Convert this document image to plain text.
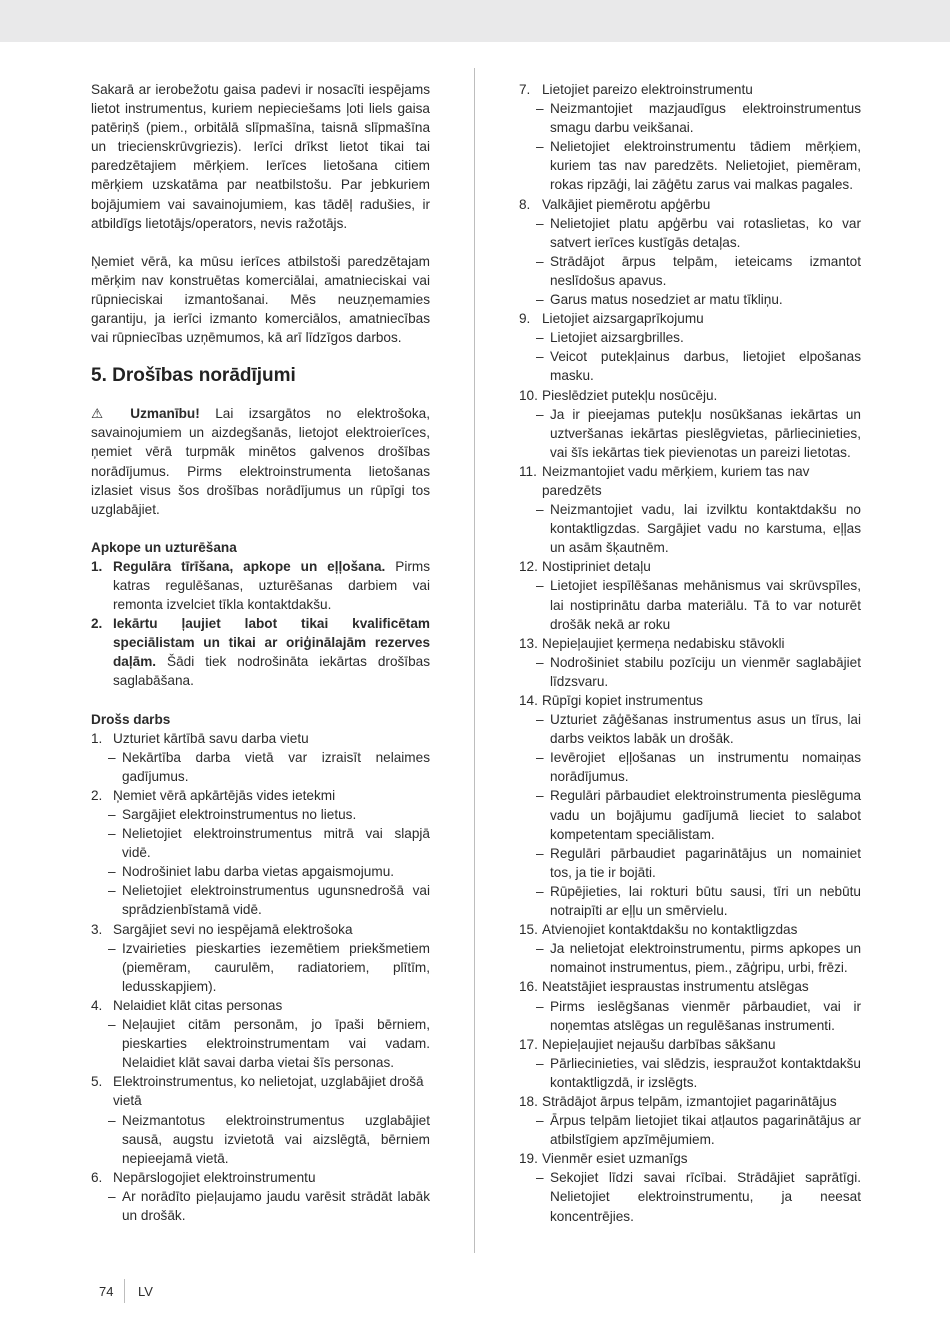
Sakarā ar ierobežotu gaisa padevi ir nosacīti iespējams lietot instrumentus, kuriem nepieciešams ļoti liels gaisa patēriņš (piem., orbitālā slīpmašīna, taisnā slīpmašīna un triecienskrūvgriezis). Ierīci drīkst lietot tikai tai paredzētajiem mērķiem. Ierīces lietošana citiem mērķiem uzskatāma par neatbilstošu. Par jebkuriem bojājumiem vai savainojumiem, kas tādēļ radušies, ir atbildīgs lietotājs/operators, nevis ražotājs.

Ņemiet vērā, ka mūsu ierīces atbilstoši paredzētajam mērķim nav konstruētas komerciālai, amatnieciskai vai rūpnieciskai izmantošanai. Mēs neuzņemamies garantiju, ja ierīci izmanto komerciālos, amatniecības vai rūpniecības uzņēmumos, kā arī līdzīgos darbos.

5. Drošības norādījumi

⚠ Uzmanību! Lai izsargātos no elektrošoka, savainojumiem un aizdegšanās, lietojot elektroierīces, ņemiet vērā turpmāk minētos galvenos drošības norādījumus. Pirms elektroinstrumenta lietošanas izlasiet visus šos drošības norādījumus un rūpīgi tos uzglabājiet.

Apkope un uzturēšana

1. Regulāra tīrīšana, apkope un eļļošana. Pirms katras regulēšanas, uzturēšanas darbiem vai remonta izvelciet tīkla kontaktdakšu.

2. Iekārtu ļaujiet labot tikai kvalificētam speciālistam un tikai ar oriģinālajām rezerves daļām. Šādi tiek nodrošināta iekārtas drošības saglabāšana.

Drošs darbs

1. Uzturiet kārtībā savu darba vietu

– Nekārtība darba vietā var izraisīt nelaimes gadījumus.

2. Ņemiet vērā apkārtējās vides ietekmi

– Sargājiet elektroinstrumentus no lietus.

– Nelietojiet elektroinstrumentus mitrā vai slapjā vidē.

– Nodrošiniet labu darba vietas apgaismojumu.

– Nelietojiet elektroinstrumentus ugunsnedrošā vai sprādzienbīstamā vidē.

3. Sargājiet sevi no iespējamā elektrošoka

– Izvairieties pieskarties iezemētiem priekšmetiem (piemēram, caurulēm, radiatoriem, plītīm, ledusskapjiem).

4. Nelaidiet klāt citas personas

– Neļaujiet citām personām, jo īpaši bērniem, pieskarties elektroinstrumentam vai vadam. Nelaidiet klāt savai darba vietai šīs personas.

5. Elektroinstrumentus, ko nelietojat, uzglabājiet drošā vietā

– Neizmantotus elektroinstrumentus uzglabājiet sausā, augstu izvietotā vai aizslēgtā, bērniem nepieejamā vietā.

6. Nepārslogojiet elektroinstrumentu

– Ar norādīto pieļaujamo jaudu varēsit strādāt labāk un drošāk.

7. Lietojiet pareizo elektroinstrumentu

– Neizmantojiet mazjaudīgus elektroinstrumentus smagu darbu veikšanai.

– Nelietojiet elektroinstrumentu tādiem mērķiem, kuriem tas nav paredzēts. Nelietojiet, piemēram, rokas ripzāģi, lai zāģētu zarus vai malkas pagales.

8. Valkājiet piemērotu apģērbu

– Nelietojiet platu apģērbu vai rotaslietas, ko var satvert ierīces kustīgās detaļas.

– Strādājot ārpus telpām, ieteicams izmantot neslīdošus apavus.

– Garus matus nosedziet ar matu tīkliņu.

9. Lietojiet aizsargaprīkojumu

– Lietojiet aizsargbrilles.

– Veicot putekļainus darbus, lietojiet elpošanas masku.

10. Pieslēdziet putekļu nosūcēju.

– Ja ir pieejamas putekļu nosūkšanas iekārtas un uztveršanas iekārtas pieslēgvietas, pārliecinieties, vai šīs iekārtas tiek pievienotas un pareizi lietotas.

11. Neizmantojiet vadu mērķiem, kuriem tas nav paredzēts

– Neizmantojiet vadu, lai izvilktu kontaktdakšu no kontaktligzdas. Sargājiet vadu no karstuma, eļļas un asām šķautnēm.

12. Nostipriniet detaļu

– Lietojiet iespīlēšanas mehānismus vai skrūvspīles, lai nostiprinātu darba materiālu. Tā to var noturēt drošāk nekā ar roku

13. Nepieļaujiet ķermeņa nedabisku stāvokli

– Nodrošiniet stabilu pozīciju un vienmēr saglabājiet līdzsvaru.

14. Rūpīgi kopiet instrumentus

– Uzturiet zāģēšanas instrumentus asus un tīrus, lai darbs veiktos labāk un drošāk.

– Ievērojiet eļļošanas un instrumentu nomaiņas norādījumus.

– Regulāri pārbaudiet elektroinstrumenta pieslēguma vadu un bojājumu gadījumā lieciet to salabot kompetentam speciālistam.

– Regulāri pārbaudiet pagarinātājus un nomainiet tos, ja tie ir bojāti.

– Rūpējieties, lai rokturi būtu sausi, tīri un nebūtu notraipīti ar eļļu un smērvielu.

15. Atvienojiet kontaktdakšu no kontaktligzdas

– Ja nelietojat elektroinstrumentu, pirms apkopes un nomainot instrumentus, piem., zāģripu, urbi, frēzi.

16. Neatstājiet iespraustas instrumentu atslēgas

– Pirms ieslēgšanas vienmēr pārbaudiet, vai ir noņemtas atslēgas un regulēšanas instrumenti.

17. Nepieļaujiet nejaušu darbības sākšanu

– Pārliecinieties, vai slēdzis, iespraužot kontaktdakšu kontaktligzdā, ir izslēgts.

18. Strādājot ārpus telpām, izmantojiet pagarinātājus

– Ārpus telpām lietojiet tikai atļautos pagarinātājus ar atbilstīgiem apzīmējumiem.

19. Vienmēr esiet uzmanīgs

– Sekojiet līdzi savai rīcībai. Strādājiet saprātīgi. Nelietojiet elektroinstrumentu, ja neesat koncentrējies.

74 LV
